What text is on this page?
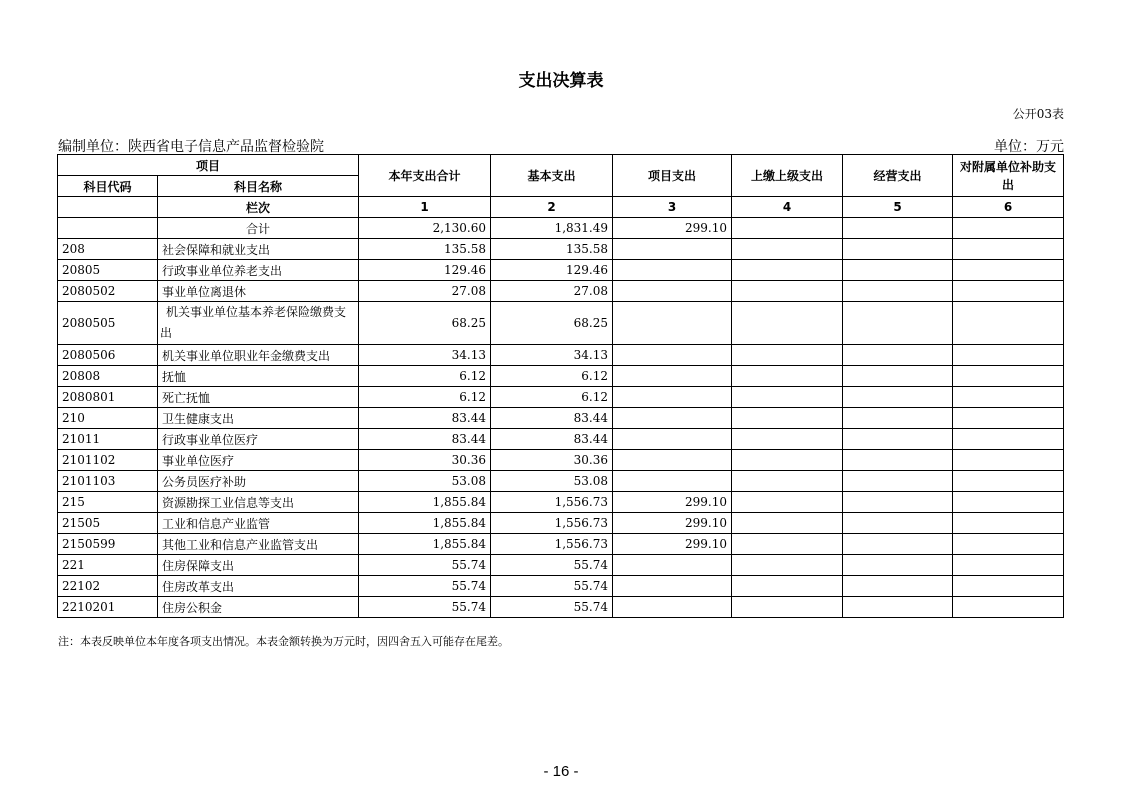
支出决算表
公开03表
编制单位：陕西省电子信息产品监督检验院	单位：万元
项目		本年支出合计	基本支出	项目支出	上缴上级支出	经营支出	对附属单位补助支出
科目代码	科目名称						
	栏次	1	2	3	4	5	6
	合计	2,130.60	1,831.49	299.10			
208	社会保障和就业支出	135.58	135.58				
20805	行政事业单位养老支出	129.46	129.46				
2080502	事业单位离退休	27.08	27.08				
2080505	机关事业单位基本养老保险缴费支出	68.25	68.25				
2080506	机关事业单位职业年金缴费支出	34.13	34.13				
20808	抚恤	6.12	6.12				
2080801	死亡抚恤	6.12	6.12				
210	卫生健康支出	83.44	83.44				
21011	行政事业单位医疗	83.44	83.44				
2101102	事业单位医疗	30.36	30.36				
2101103	公务员医疗补助	53.08	53.08				
215	资源勘探工业信息等支出	1,855.84	1,556.73	299.10			
21505	工业和信息产业监管	1,855.84	1,556.73	299.10			
2150599	其他工业和信息产业监管支出	1,855.84	1,556.73	299.10			
221	住房保障支出	55.74	55.74				
22102	住房改革支出	55.74	55.74				
2210201	住房公积金	55.74	55.74				
注：本表反映单位本年度各项支出情况。本表金额转换为万元时，因四舍五入可能存在尾差。
- 16 -
